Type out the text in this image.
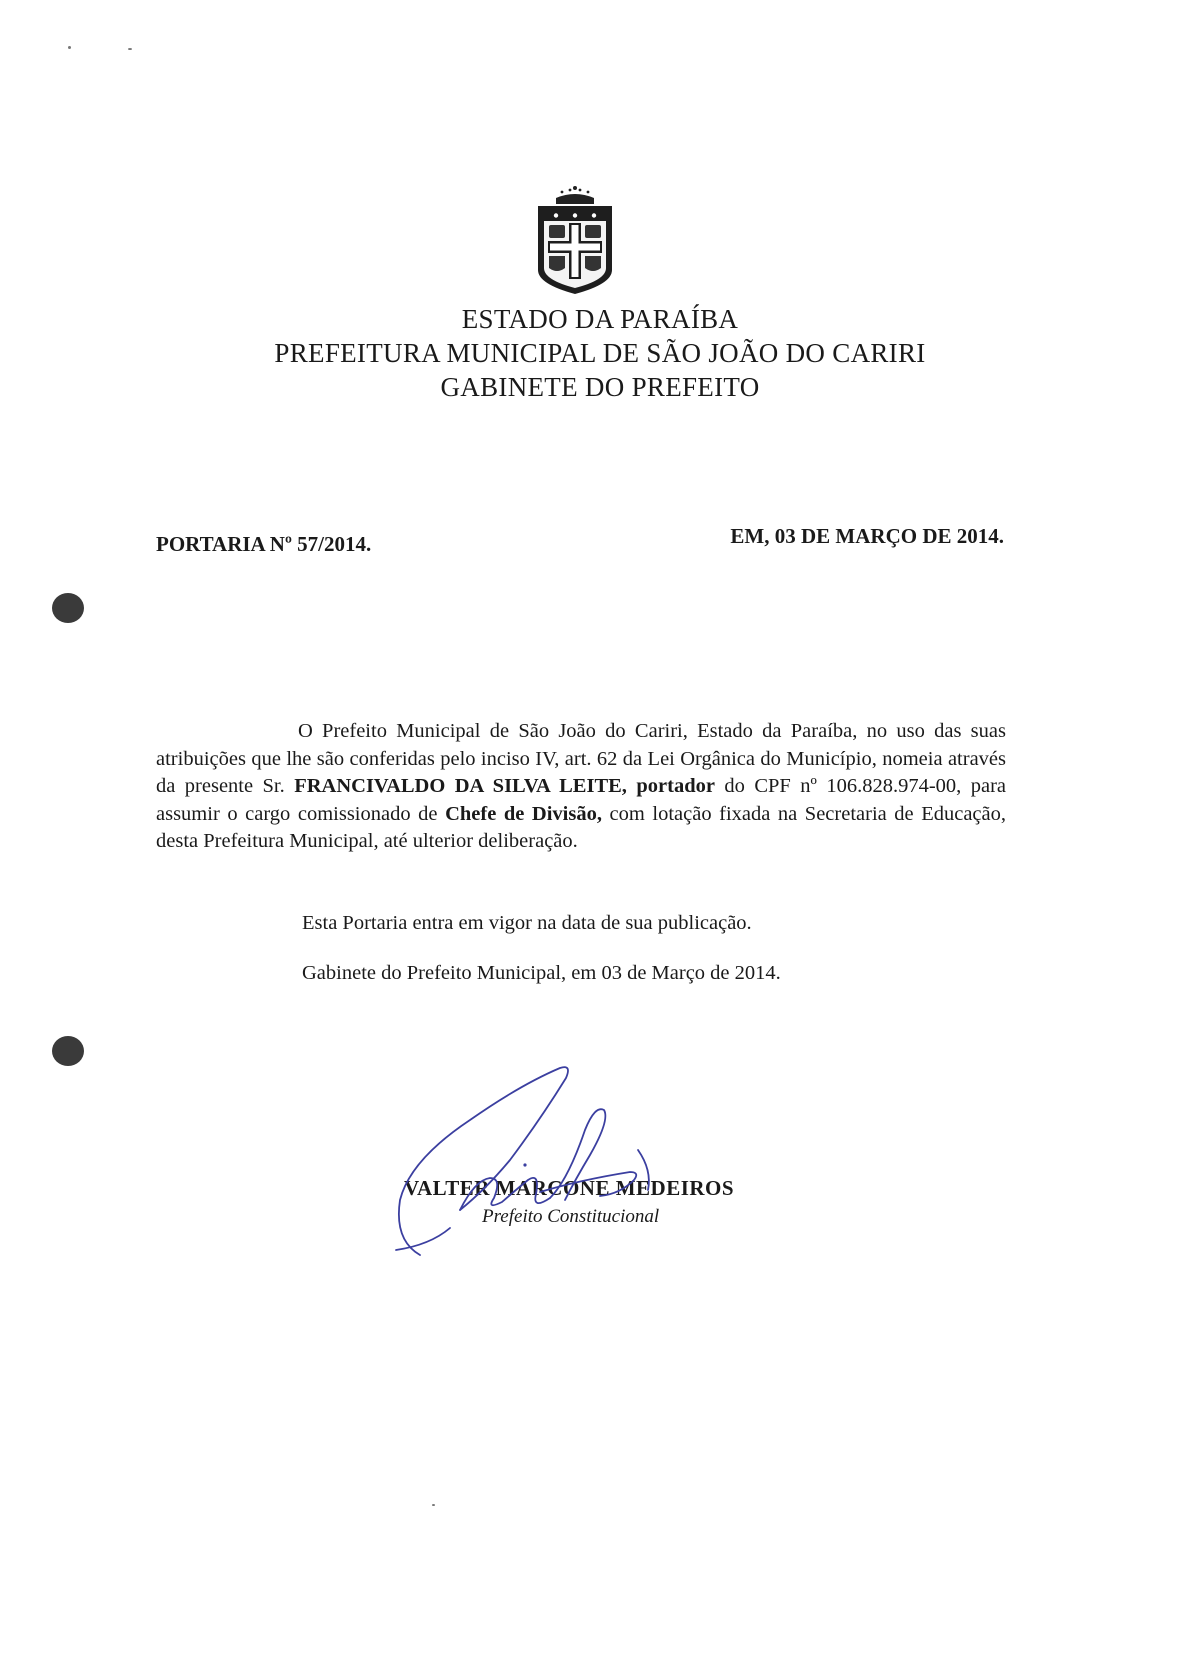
ESTADO DA PARAÍBA
PREFEITURA MUNICIPAL DE SÃO JOÃO DO CARIRI
GABINETE DO PREFEITO
PORTARIA Nº 57/2014.	EM, 03 DE MARÇO DE 2014.
O Prefeito Municipal de São João do Cariri, Estado da Paraíba, no uso das suas atribuições que lhe são conferidas pelo inciso IV, art. 62 da Lei Orgânica do Município, nomeia através da presente Sr. FRANCIVALDO DA SILVA LEITE, portador do CPF nº 106.828.974-00, para assumir o cargo comissionado de Chefe de Divisão, com lotação fixada na Secretaria de Educação, desta Prefeitura Municipal, até ulterior deliberação.
Esta Portaria entra em vigor na data de sua publicação.
Gabinete do Prefeito Municipal, em 03 de Março de 2014.
VALTER MARCONE MEDEIROS
Prefeito Constitucional
